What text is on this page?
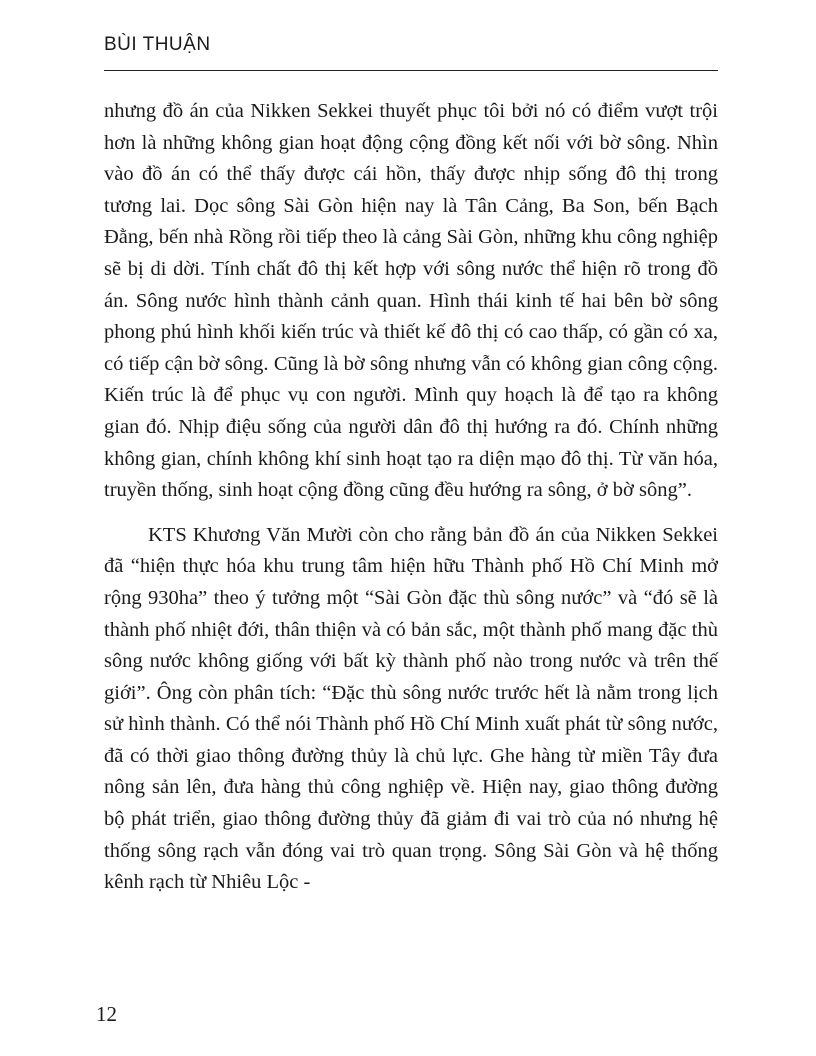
BÙI THUẬN

nhưng đồ án của Nikken Sekkei thuyết phục tôi bởi nó có điểm vượt trội hơn là những không gian hoạt động cộng đồng kết nối với bờ sông. Nhìn vào đồ án có thể thấy được cái hồn, thấy được nhịp sống đô thị trong tương lai. Dọc sông Sài Gòn hiện nay là Tân Cảng, Ba Son, bến Bạch Đằng, bến nhà Rồng rồi tiếp theo là cảng Sài Gòn, những khu công nghiệp sẽ bị di dời. Tính chất đô thị kết hợp với sông nước thể hiện rõ trong đồ án. Sông nước hình thành cảnh quan. Hình thái kinh tế hai bên bờ sông phong phú hình khối kiến trúc và thiết kế đô thị có cao thấp, có gần có xa, có tiếp cận bờ sông. Cũng là bờ sông nhưng vẫn có không gian công cộng. Kiến trúc là để phục vụ con người. Mình quy hoạch là để tạo ra không gian đó. Nhịp điệu sống của người dân đô thị hướng ra đó. Chính những không gian, chính không khí sinh hoạt tạo ra diện mạo đô thị. Từ văn hóa, truyền thống, sinh hoạt cộng đồng cũng đều hướng ra sông, ở bờ sông”.

KTS Khương Văn Mười còn cho rằng bản đồ án của Nikken Sekkei đã “hiện thực hóa khu trung tâm hiện hữu Thành phố Hồ Chí Minh mở rộng 930ha” theo ý tưởng một “Sài Gòn đặc thù sông nước” và “đó sẽ là thành phố nhiệt đới, thân thiện và có bản sắc, một thành phố mang đặc thù sông nước không giống với bất kỳ thành phố nào trong nước và trên thế giới”. Ông còn phân tích: “Đặc thù sông nước trước hết là nằm trong lịch sử hình thành. Có thể nói Thành phố Hồ Chí Minh xuất phát từ sông nước, đã có thời giao thông đường thủy là chủ lực. Ghe hàng từ miền Tây đưa nông sản lên, đưa hàng thủ công nghiệp về. Hiện nay, giao thông đường bộ phát triển, giao thông đường thủy đã giảm đi vai trò của nó nhưng hệ thống sông rạch vẫn đóng vai trò quan trọng. Sông Sài Gòn và hệ thống kênh rạch từ Nhiêu Lộc -

12
